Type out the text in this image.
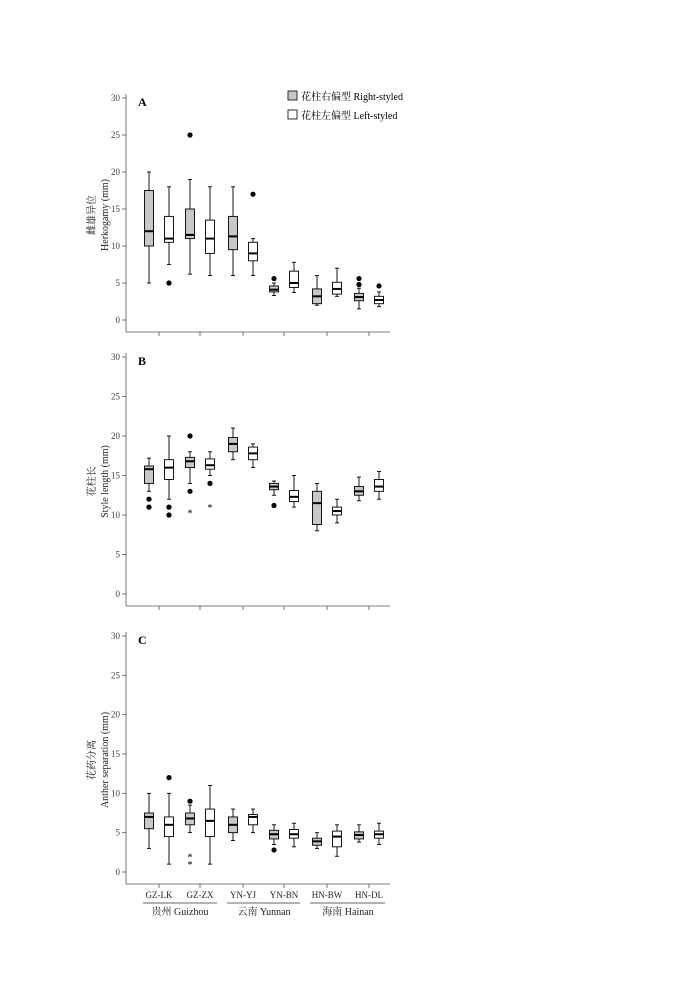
0
5
10
15
20
25
30
Herkogamy (mm)
雌雄异位
A
0
5
10
15
20
25
30
Style length (mm)
花柱长
B
*
*
0
5
10
15
20
25
30
Anther separation (mm)
花药分离
C
*
*
花柱右偏型 Right-styled
花柱左偏型 Left-styled
GZ-LK GZ-ZX YN-YJ YN-BN HN-BW HN-DL
贵州 Guizhou	云南 Yunnan	海南 Hainan
